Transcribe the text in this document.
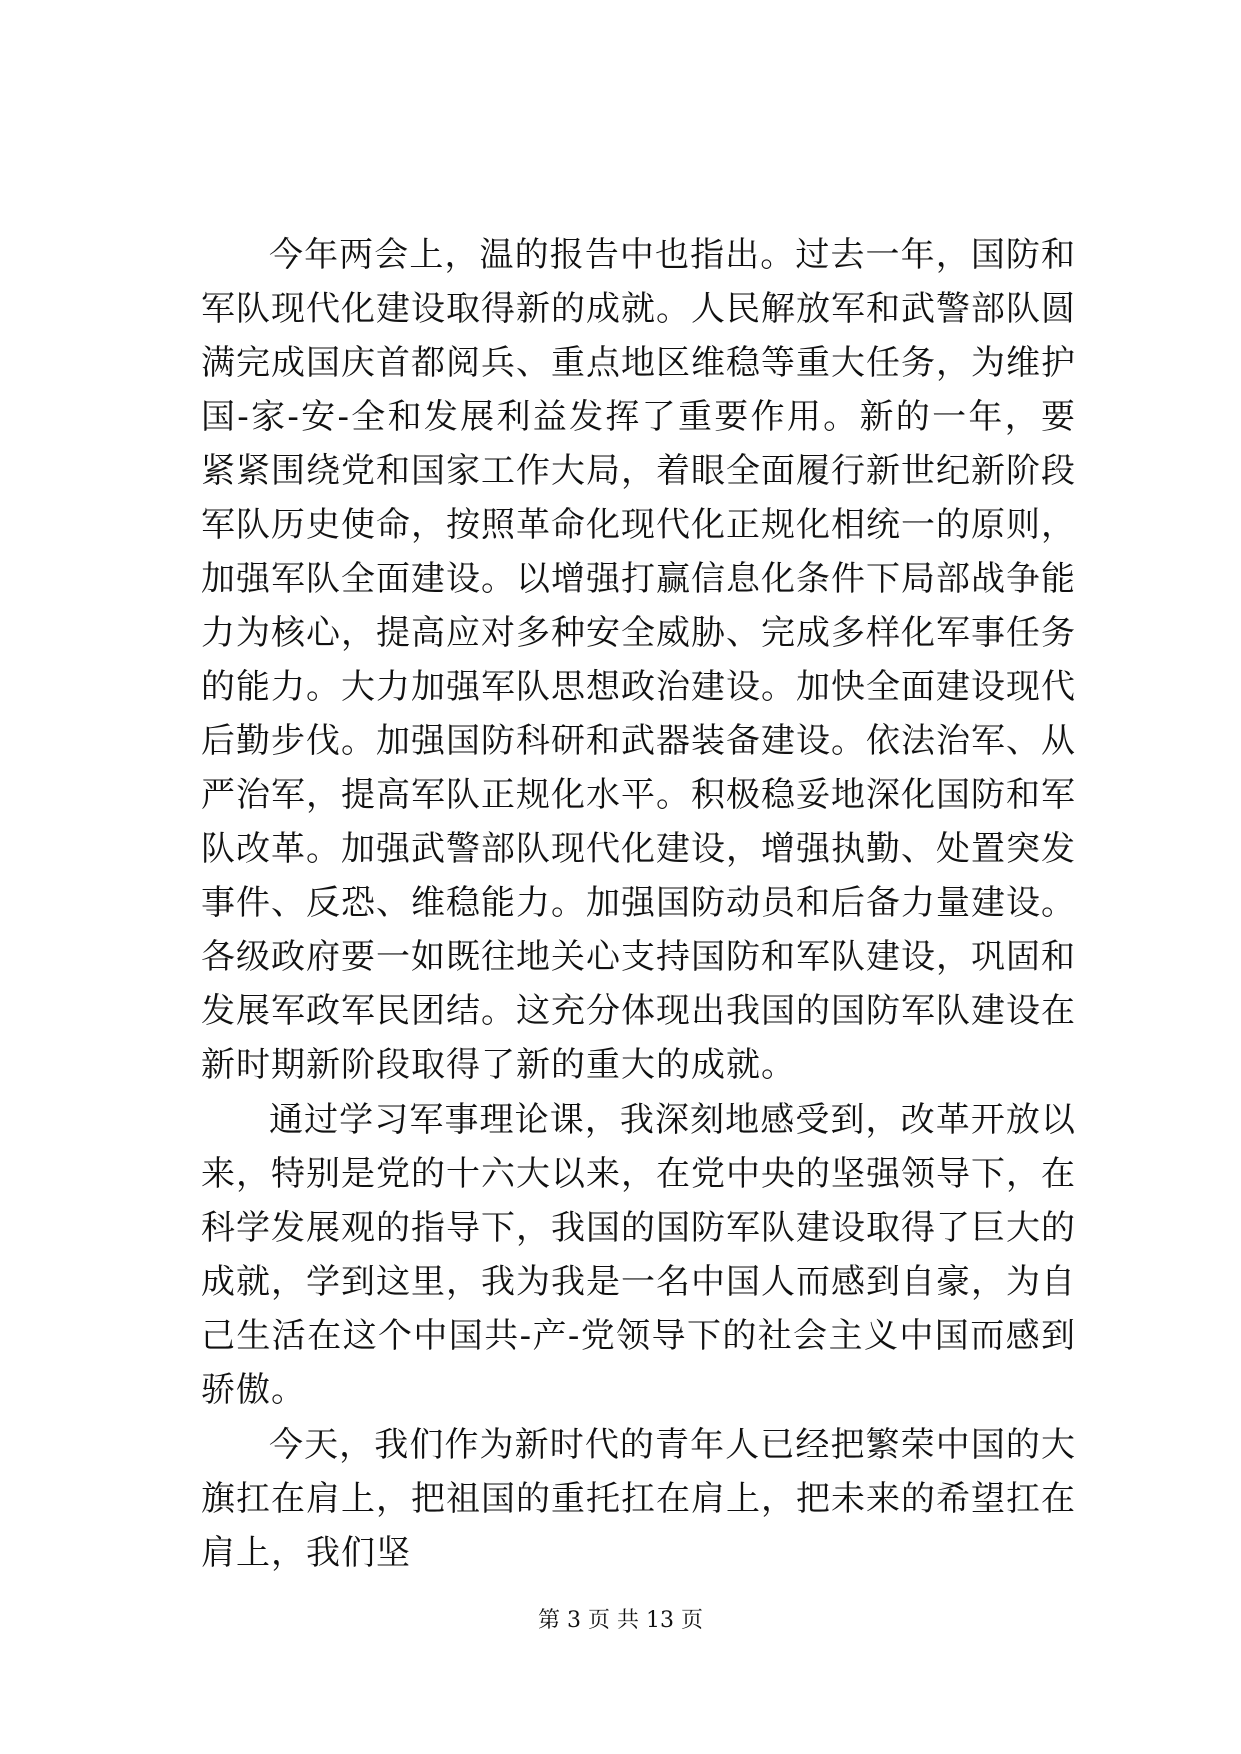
今年两会上，温的报告中也指出。过去一年，国防和军队现代化建设取得新的成就。人民解放军和武警部队圆满完成国庆首都阅兵、重点地区维稳等重大任务，为维护国-家-安-全和发展利益发挥了重要作用。新的一年，要紧紧围绕党和国家工作大局，着眼全面履行新世纪新阶段军队历史使命，按照革命化现代化正规化相统一的原则，加强军队全面建设。以增强打赢信息化条件下局部战争能力为核心，提高应对多种安全威胁、完成多样化军事任务的能力。大力加强军队思想政治建设。加快全面建设现代后勤步伐。加强国防科研和武器装备建设。依法治军、从严治军，提高军队正规化水平。积极稳妥地深化国防和军队改革。加强武警部队现代化建设，增强执勤、处置突发事件、反恐、维稳能力。加强国防动员和后备力量建设。各级政府要一如既往地关心支持国防和军队建设，巩固和发展军政军民团结。这充分体现出我国的国防军队建设在新时期新阶段取得了新的重大的成就。

通过学习军事理论课，我深刻地感受到，改革开放以来，特别是党的十六大以来，在党中央的坚强领导下，在科学发展观的指导下，我国的国防军队建设取得了巨大的成就，学到这里，我为我是一名中国人而感到自豪，为自己生活在这个中国共-产-党领导下的社会主义中国而感到骄傲。

今天，我们作为新时代的青年人已经把繁荣中国的大旗扛在肩上，把祖国的重托扛在肩上，把未来的希望扛在肩上，我们坚

第 3 页 共 13 页
